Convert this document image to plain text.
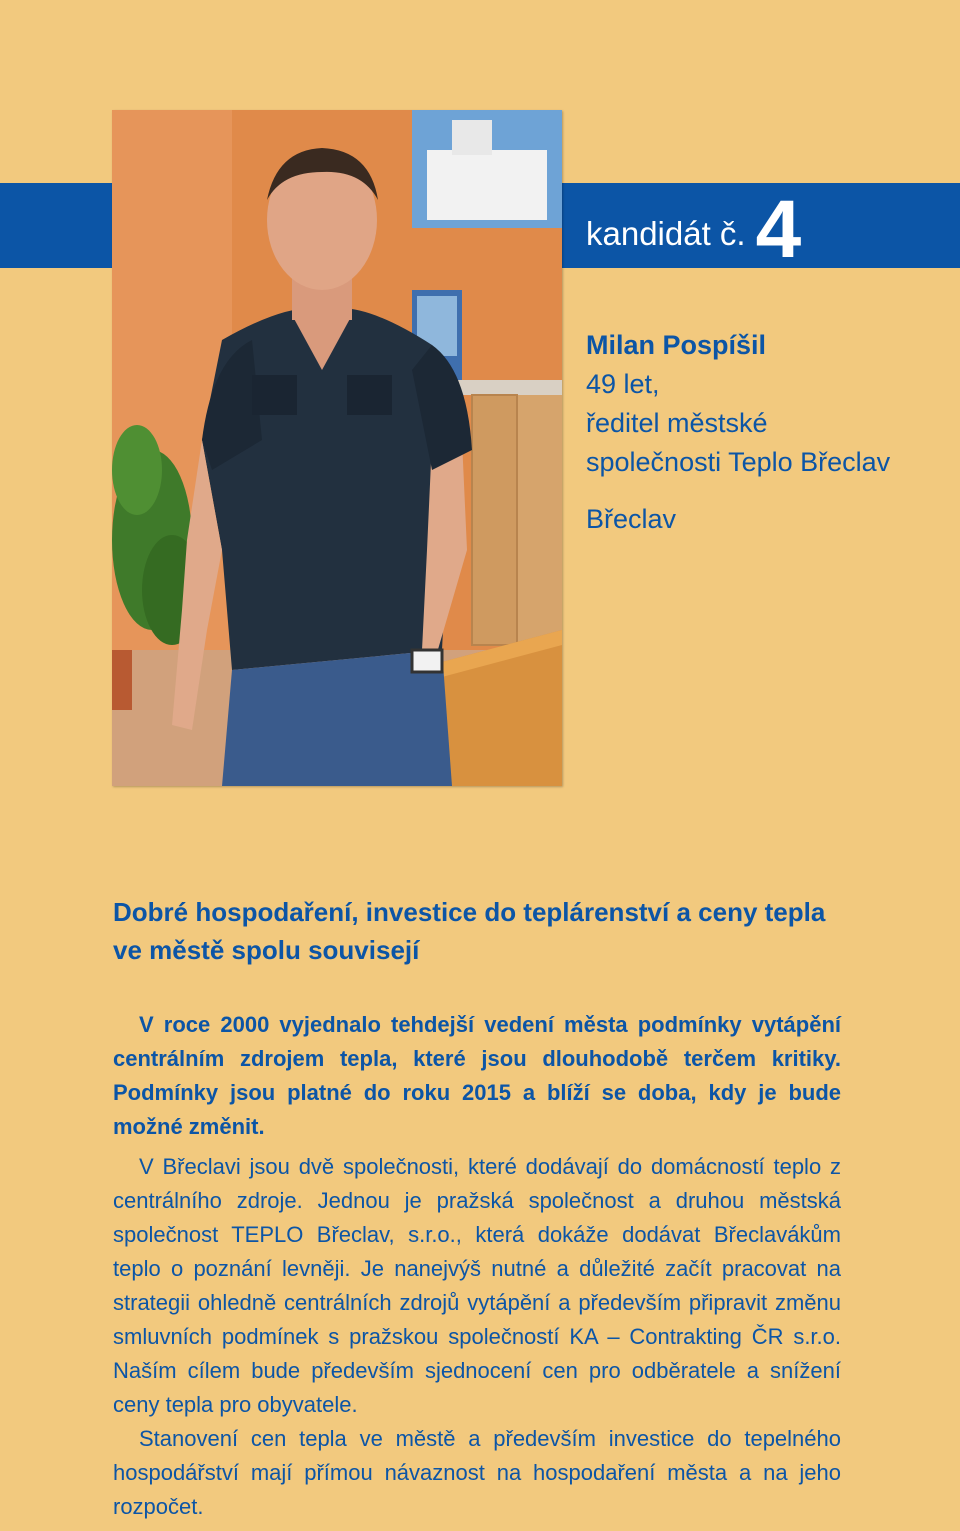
kandidát č. 4
Milan Pospíšil
49 let,
ředitel městské
společnosti Teplo Břeclav
Břeclav
Dobré hospodaření, investice do teplárenství a ceny tepla
ve městě spolu souvisejí

V roce 2000 vyjednalo tehdejší vedení města podmínky vytápění centrálním zdrojem tepla, které jsou dlouhodobě terčem kritiky. Podmínky jsou platné do roku 2015 a blíží se doba, kdy je bude možné změnit.

V Břeclavi jsou dvě společnosti, které dodávají do domácností teplo z centrálního zdroje. Jednou je pražská společnost a druhou městská společnost TEPLO Břeclav, s.r.o., která dokáže dodávat Břeclavákům teplo o poznání levněji. Je nanejvýš nutné a důležité začít pracovat na strategii ohledně centrálních zdrojů vytápění a především připravit změnu smluvních podmínek s pražskou společností KA – Contrakting ČR s.r.o. Naším cílem bude především sjednocení cen pro odběratele a snížení ceny tepla pro obyvatele.

Stanovení cen tepla ve městě a především investice do tepelného hospodářství mají přímou návaznost na hospodaření města a na jeho rozpočet.
